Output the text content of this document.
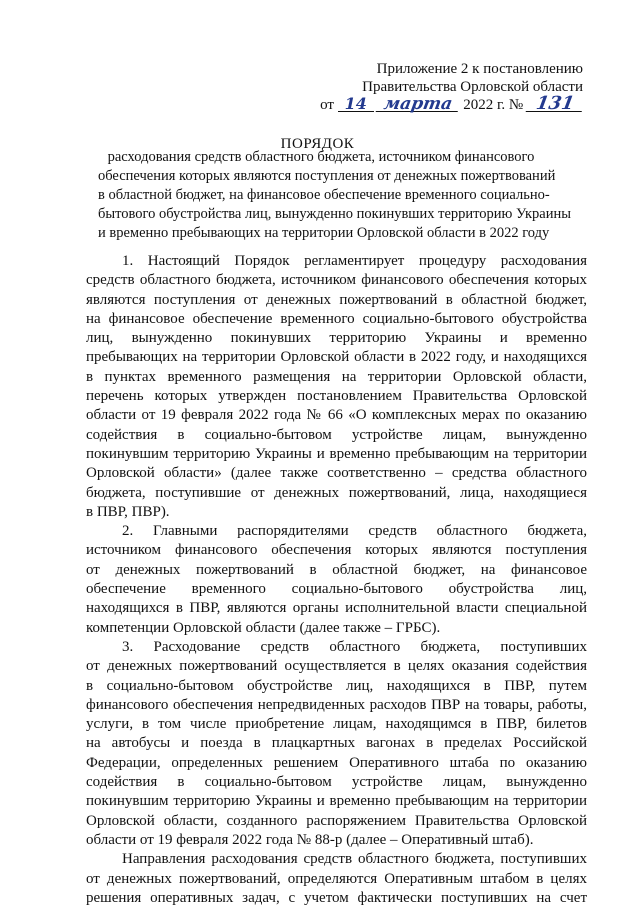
Приложение 2 к постановлению
Правительства Орловской области
от 14 марта 2022 г. № 131
ПОРЯДОК
расходования средств областного бюджета, источником финансового
обеспечения которых являются поступления от денежных пожертвований
в областной бюджет, на финансовое обеспечение временного социально-
бытового обустройства лиц, вынужденно покинувших территорию Украины
и временно пребывающих на территории Орловской области в 2022 году
1. Настоящий Порядок регламентирует процедуру расходования
средств областного бюджета, источником финансового обеспечения которых
являются поступления от денежных пожертвований в областной бюджет,
на финансовое обеспечение временного социально-бытового обустройства
лиц, вынужденно покинувших территорию Украины и временно
пребывающих на территории Орловской области в 2022 году, и находящихся
в пунктах временного размещения на территории Орловской области,
перечень которых утвержден постановлением Правительства Орловской
области от 19 февраля 2022 года № 66 «О комплексных мерах по оказанию
содействия в социально-бытовом устройстве лицам, вынужденно
покинувшим территорию Украины и временно пребывающим на территории
Орловской области» (далее также соответственно – средства областного
бюджета, поступившие от денежных пожертвований, лица, находящиеся
в ПВР, ПВР).
2. Главными распорядителями средств областного бюджета,
источником финансового обеспечения которых являются поступления
от денежных пожертвований в областной бюджет, на финансовое
обеспечение временного социально-бытового обустройства лиц,
находящихся в ПВР, являются органы исполнительной власти специальной
компетенции Орловской области (далее также – ГРБС).
3. Расходование средств областного бюджета, поступивших
от денежных пожертвований осуществляется в целях оказания содействия
в социально-бытовом обустройстве лиц, находящихся в ПВР, путем
финансового обеспечения непредвиденных расходов ПВР на товары, работы,
услуги, в том числе приобретение лицам, находящимся в ПВР, билетов
на автобусы и поезда в плацкартных вагонах в пределах Российской
Федерации, определенных решением Оперативного штаба по оказанию
содействия в социально-бытовом устройстве лицам, вынужденно
покинувшим территорию Украины и временно пребывающим на территории
Орловской области, созданного распоряжением Правительства Орловской
области от 19 февраля 2022 года № 88-р (далее – Оперативный штаб).
Направления расходования средств областного бюджета, поступивших
от денежных пожертвований, определяются Оперативным штабом в целях
решения оперативных задач, с учетом фактически поступивших на счет
